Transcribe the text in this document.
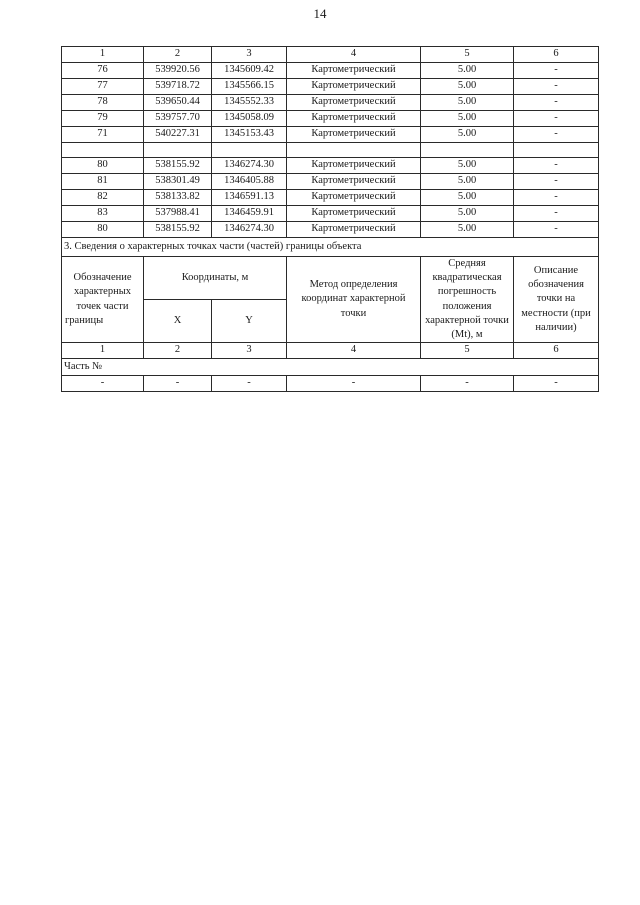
14
1	2	3	4	5	6
76	539920.56	1345609.42	Картометрический	5.00	-
77	539718.72	1345566.15	Картометрический	5.00	-
78	539650.44	1345552.33	Картометрический	5.00	-
79	539757.70	1345058.09	Картометрический	5.00	-
71	540227.31	1345153.43	Картометрический	5.00	-

80	538155.92	1346274.30	Картометрический	5.00	-
81	538301.49	1346405.88	Картометрический	5.00	-
82	538133.82	1346591.13	Картометрический	5.00	-
83	537988.41	1346459.91	Картометрический	5.00	-
80	538155.92	1346274.30	Картометрический	5.00	-
3. Сведения о характерных точках части (частей) границы объекта					
Обозначение характерных точек части границы	Координаты, м		Метод определения координат характерной точки	Средняя квадратическая погрешность положения характерной точки (Mt), м	Описание обозначения точки на местности (при наличии)
	X	Y			
1	2	3	4	5	6
Часть №					
-	-	-	-	-	-
